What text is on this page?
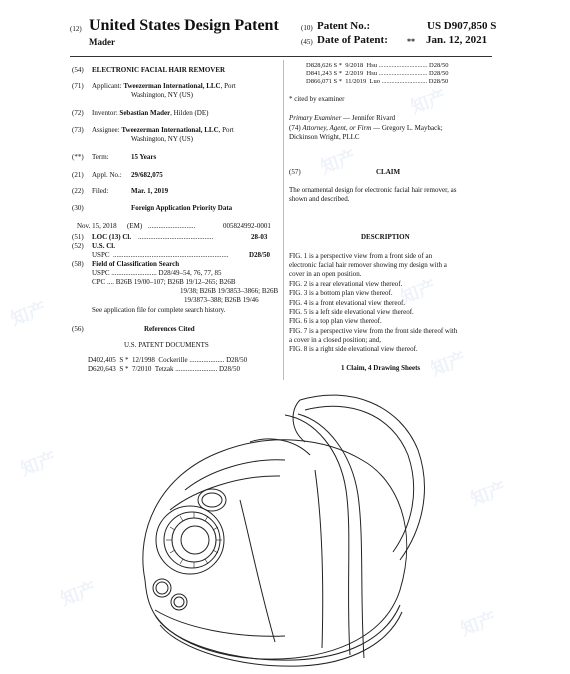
知产
知产
知产
知产
知产
知产
知产
知产
知产
(12) United States Design Patent
Mader
(10) Patent No.:	US D907,850 S
(45) Date of Patent: ** Jan. 12, 2021
(54) ELECTRONIC FACIAL HAIR REMOVER
(71) Applicant: Tweezerman International, LLC, Port
Washington, NY (US)
(72) Inventor: Sebastian Mader, Hilden (DE)
(73) Assignee: Tweezerman International, LLC, Port
Washington, NY (US)
(**) Term:	15 Years
(21) Appl. No.: 29/682,075
(22) Filed:	Mar. 1, 2019
(30)	Foreign Application Priority Data
Nov. 15, 2018 (EM) ...........................	005824992-0001
(51) LOC (13) Cl. ...........................................	28-03
(52) U.S. Cl.
USPC ..................................................................	D28/50
(58) Field of Classification Search
USPC .......................... D28/49–54, 76, 77, 85
CPC .... B26B 19/00–107; B26B 19/12–265; B26B
19/38; B26B 19/3853–3866; B26B
19/3873–388; B26B 19/46
See application file for complete search history.
(56)	References Cited
U.S. PATENT DOCUMENTS
D402,405 S * 12/1998 Cockerille .................... D28/50
D620,643 S * 7/2010 Tetzak ........................ D28/50
D828,626 S * 9/2018 Hsu .............................. D28/50
D841,243 S * 2/2019 Hsu .............................. D28/50
D866,071 S * 11/2019 Luo ............................ D28/50
* cited by examiner
Primary Examiner — Jennifer Rivard
(74) Attorney, Agent, or Firm — Gregory L. Mayback;
Dickinson Wright, PLLC
(57)	CLAIM
The ornamental design for electronic facial hair remover, as
shown and described.
DESCRIPTION
FIG. 1 is a perspective view from a front side of an
electronic facial hair remover showing my design with a
cover in an open position.
FIG. 2 is a rear elevational view thereof.
FIG. 3 is a bottom plan view thereof.
FIG. 4 is a front elevational view thereof.
FIG. 5 is a left side elevational view thereof.
FIG. 6 is a top plan view thereof.
FIG. 7 is a perspective view from the front side thereof with
a cover in a closed position; and,
FIG. 8 is a right side elevational view thereof.
1 Claim, 4 Drawing Sheets
